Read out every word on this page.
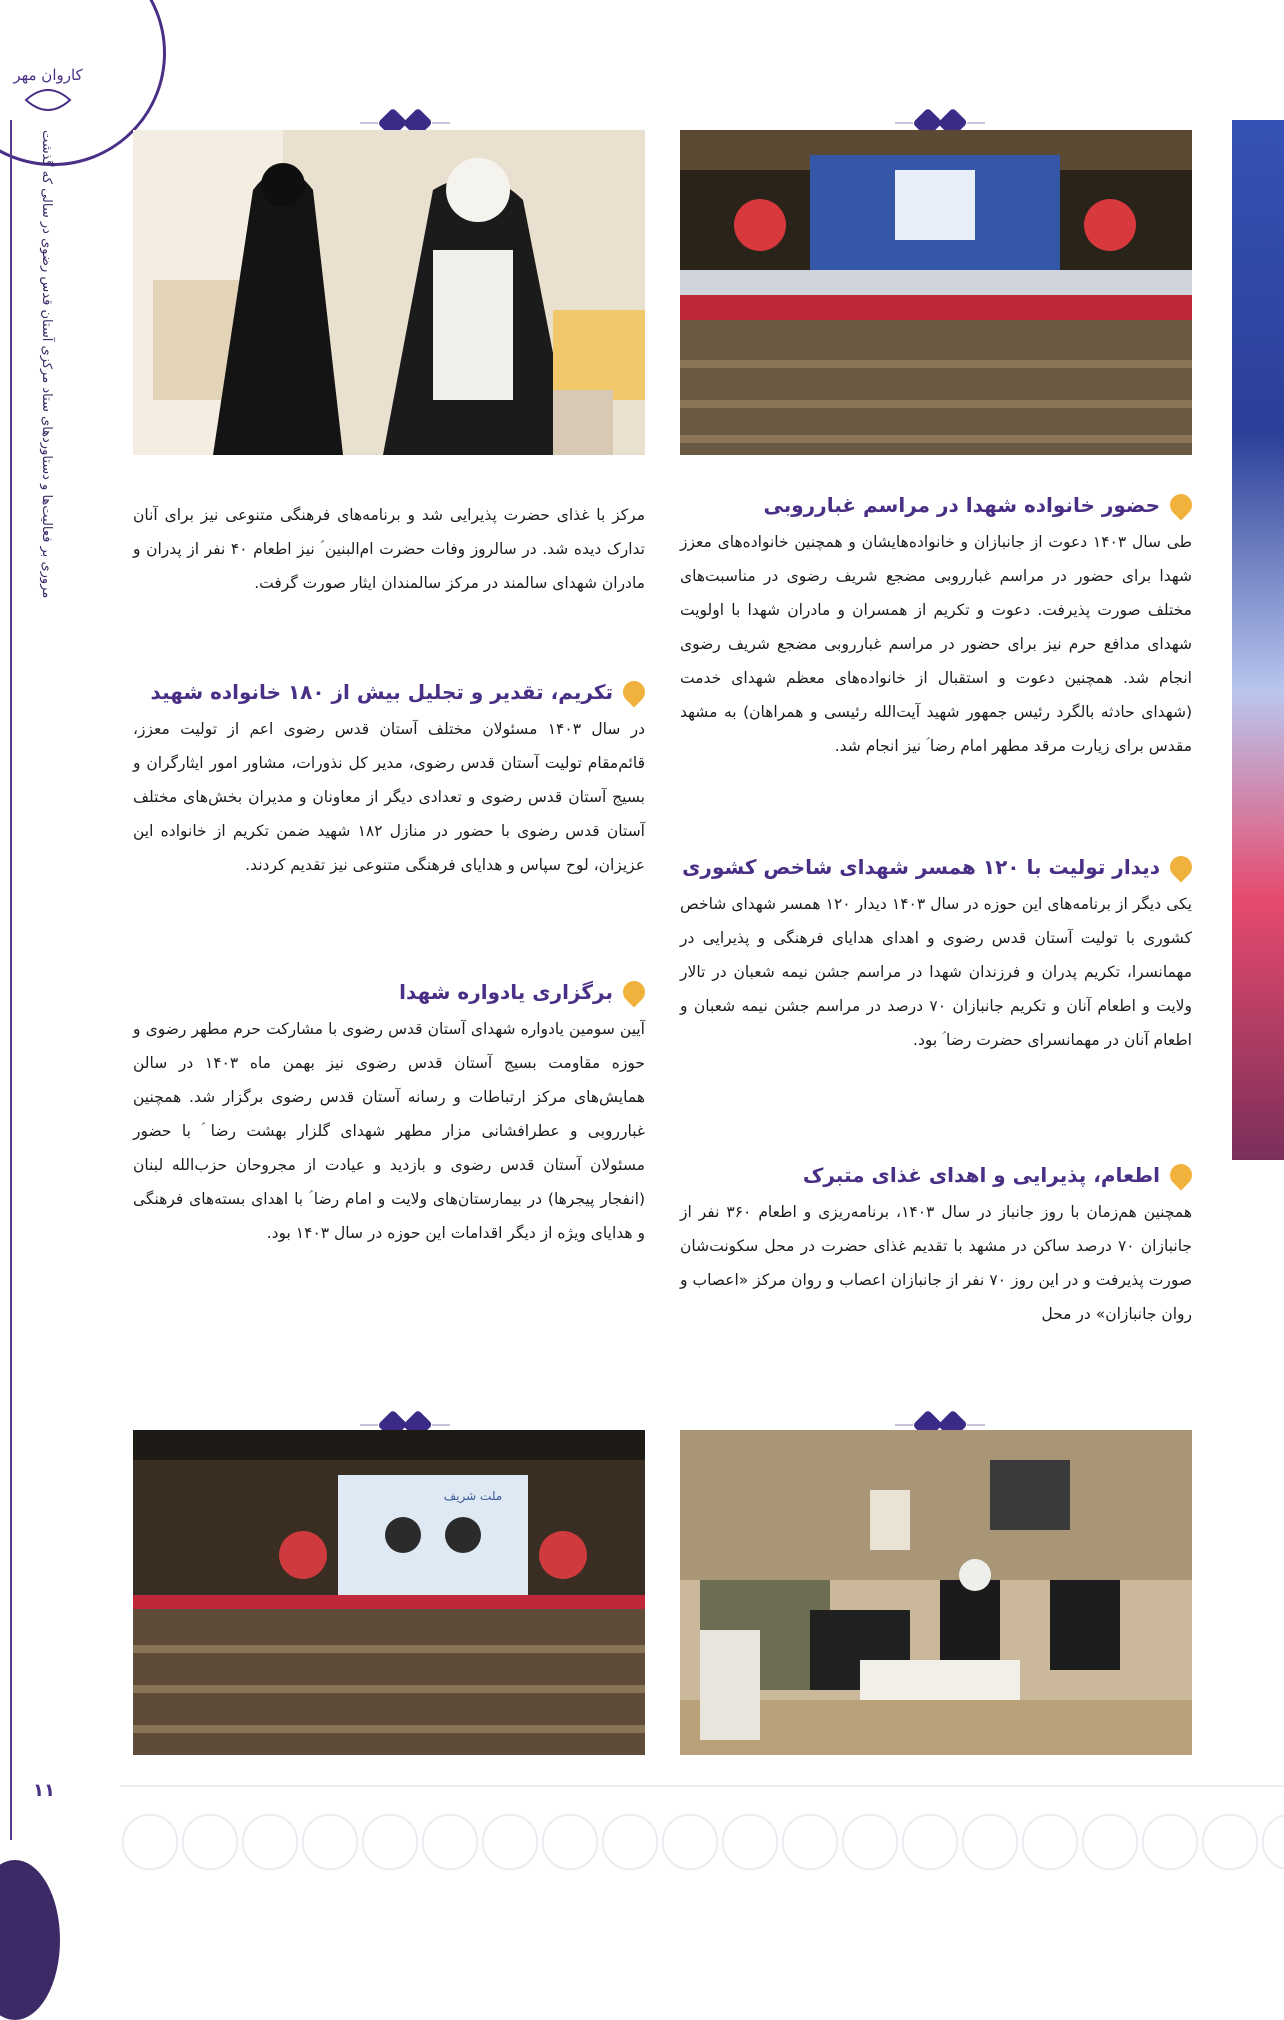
کاروان مهر
مروری بر فعالیت‌ها و دستاوردهای ستاد مرکزی آستان قدس رضوی در سالی که گذشت
۱۱
ملت شریف
حضور خانواده‌ شهدا در مراسم غبارروبی

طی سال ۱۴۰۳ دعوت از جانبازان و خانواده‌هایشان و همچنین خانواده‌های معزز شهدا برای حضور در مراسم غبارروبی مضجع شریف رضوی در مناسبت‌های مختلف صورت پذیرفت. دعوت و تکریم از همسران و مادران شهدا با اولویت شهدای مدافع حرم نیز برای حضور در مراسم غبارروبی مضجع شریف رضوی انجام شد. همچنین دعوت و استقبال از خانواده‌های معظم شهدای خدمت (شهدای حادثه بالگرد رئیس جمهور شهید آیت‌الله رئیسی و همراهان) به مشهد مقدس برای زیارت مرقد مطهر امام رضا ؑ نیز انجام شد.

دیدار تولیت با ۱۲۰ همسر شهدای شاخص کشوری

یکی دیگر از برنامه‌های این حوزه در سال ۱۴۰۳ دیدار ۱۲۰ همسر شهدای شاخص کشوری با تولیت آستان قدس رضوی و اهدای هدایای فرهنگی و پذیرایی در مهمانسرا، تکریم پدران و فرزندان شهدا در مراسم جشن نیمه شعبان در تالار ولایت و اطعام آنان و تکریم جانبازان ۷۰ درصد در مراسم جشن نیمه شعبان و اطعام آنان در مهمانسرای حضرت رضا ؑ بود.

اطعام، پذیرایی و اهدای غذای متبرک

همچنین هم‌زمان با روز جانباز در سال ۱۴۰۳، برنامه‌ریزی و اطعام ۳۶۰ نفر از جانبازان ۷۰ درصد ساکن در مشهد با تقدیم غذای حضرت در محل سکونت‌شان صورت پذیرفت و در این روز ۷۰ نفر از جانبازان اعصاب و روان مرکز «اعصاب و روان جانبازان» در محل

مرکز با غذای حضرت پذیرایی شد و برنامه‌های فرهنگی متنوعی نیز برای آنان تدارک دیده شد. در سالروز وفات حضرت ام‌البنین ؑ نیز اطعام ۴۰ نفر از پدران و مادران شهدای سالمند در مرکز سالمندان ایثار صورت گرفت.

تکریم، تقدیر و تجلیل بیش از ۱۸۰ خانواده شهید

در سال ۱۴۰۳ مسئولان مختلف آستان قدس رضوی اعم از تولیت معزز، قائم‌مقام تولیت آستان قدس رضوی، مدیر کل نذورات، مشاور امور ایثارگران و بسیج آستان قدس رضوی و تعدادی دیگر از معاونان و مدیران بخش‌های مختلف آستان قدس رضوی با حضور در منازل ۱۸۲ شهید ضمن تکریم از خانواده این عزیزان، لوح سپاس و هدایای فرهنگی متنوعی نیز تقدیم کردند.

برگزاری یادواره شهدا

آیین سومین یادواره شهدای آستان قدس رضوی با مشارکت حرم مطهر رضوی و حوزه مقاومت بسیج آستان قدس رضوی نیز بهمن ماه ۱۴۰۳ در سالن همایش‌های مرکز ارتباطات و رسانه آستان قدس رضوی برگزار شد. همچنین غبارروبی و عطرافشانی مزار مطهر شهدای گلزار بهشت رضا ؑ با حضور مسئولان آستان قدس رضوی و بازدید و عیادت از مجروحان حزب‌الله لبنان (انفجار پیجرها) در بیمارستان‌های ولایت و امام رضا ؑ با اهدای بسته‌های فرهنگی و هدایای ویژه از دیگر اقدامات این حوزه در سال ۱۴۰۳ بود.
